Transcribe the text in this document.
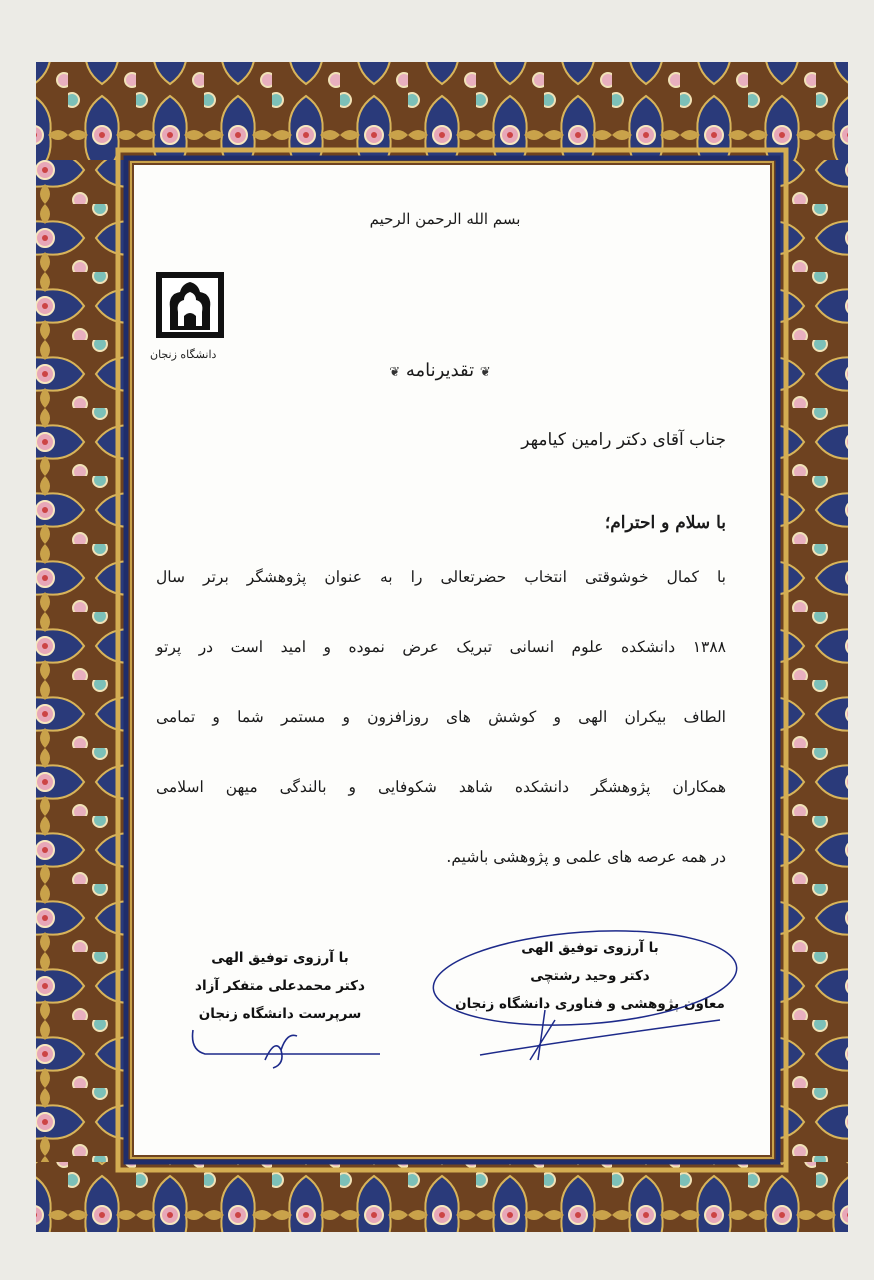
دانشگاه زنجان
بسم الله الرحمن الرحیم
❦ تقدیرنامه ❦
جناب آقای دکتر رامین کیامهر
با سلام و احترام؛
با کمال خوشوقتی انتخاب حضرتعالی را به عنوان پژوهشگر برتر سال
۱۳۸۸ دانشکده علوم انسانی تبریک عرض نموده و امید است در پرتو
الطاف بیکران الهی و کوشش های روزافزون و مستمر شما و تمامی
همکاران پژوهشگر دانشکده شاهد شکوفایی و بالندگی میهن اسلامی
در همه عرصه های علمی و پژوهشی باشیم.
با آرزوی توفیق الهی
دکتر محمدعلی متفکر آزاد
سرپرست دانشگاه زنجان
با آرزوی توفیق الهی
دکتر وحید رشتچی
معاون پژوهشی و فناوری دانشگاه زنجان
